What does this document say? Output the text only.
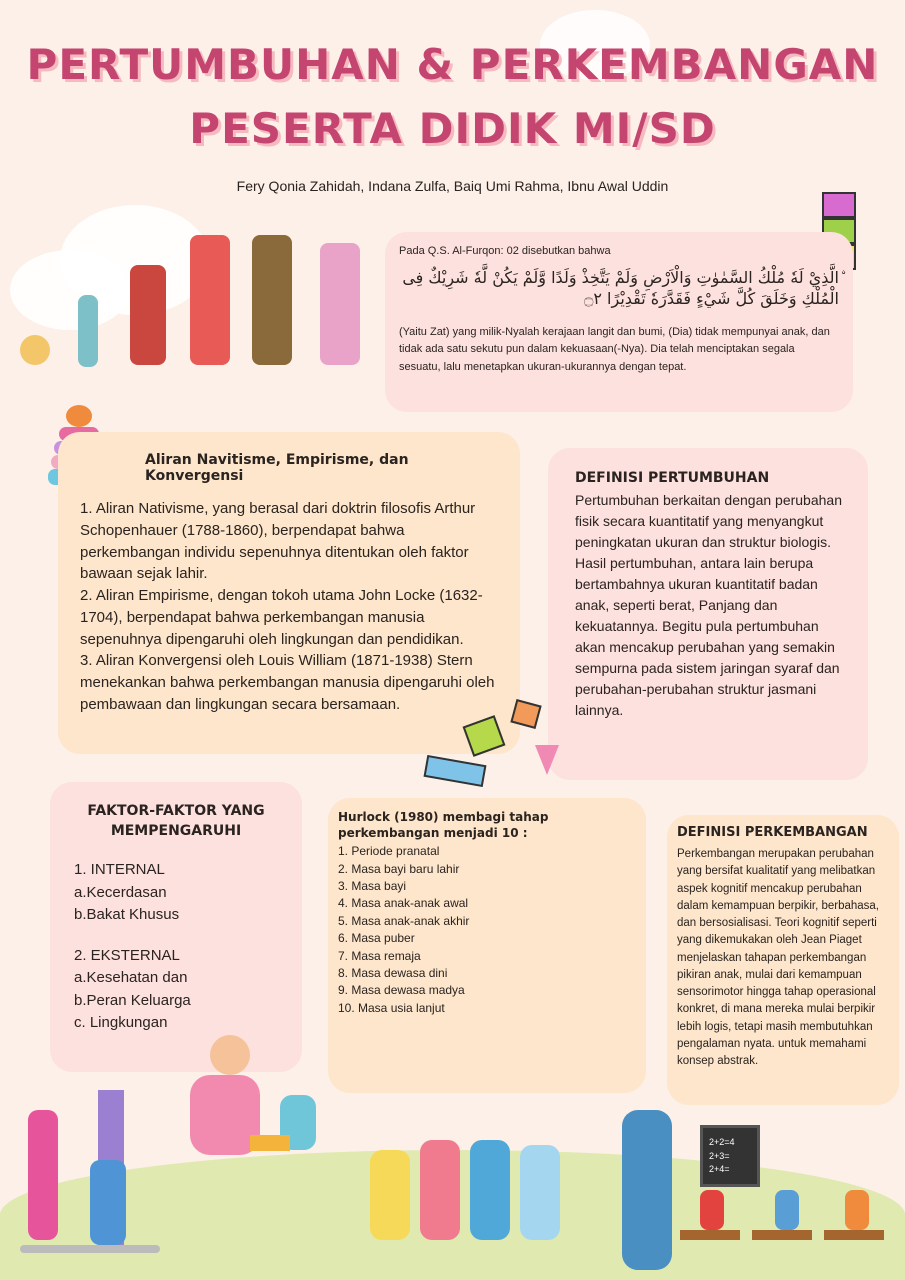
PERTUMBUHAN & PERKEMBANGAN
PESERTA DIDIK MI/SD
Fery Qonia Zahidah, Indana Zulfa, Baiq Umi Rahma, Ibnu Awal Uddin

Pada Q.S. Al-Furqon: 02 disebutkan bahwa

ۨالَّذِيْ لَهٗ مُلْكُ السَّمٰوٰتِ وَالْاَرْضِ وَلَمْ يَتَّخِذْ وَلَدًا وَّلَمْ يَكُنْ لَّهٗ شَرِيْكٌ فِى الْمُلْكِ وَخَلَقَ كُلَّ شَيْءٍ فَقَدَّرَهٗ تَقْدِيْرًا ۝٢

(Yaitu Zat) yang milik-Nyalah kerajaan langit dan bumi, (Dia) tidak mempunyai anak, dan tidak ada satu sekutu pun dalam kekuasaan(-Nya). Dia telah menciptakan segala sesuatu, lalu menetapkan ukuran-ukurannya dengan tepat.

Aliran Navitisme, Empirisme, dan Konvergensi
1. Aliran Nativisme, yang berasal dari doktrin filosofis Arthur Schopenhauer (1788-1860), berpendapat bahwa perkembangan individu sepenuhnya ditentukan oleh faktor bawaan sejak lahir.
2. Aliran Empirisme, dengan tokoh utama John Locke (1632-1704), berpendapat bahwa perkembangan manusia sepenuhnya dipengaruhi oleh lingkungan dan pendidikan.
3. Aliran Konvergensi oleh Louis William (1871-1938) Stern menekankan bahwa perkembangan manusia dipengaruhi oleh pembawaan dan lingkungan secara bersamaan.
DEFINISI PERTUMBUHAN

Pertumbuhan berkaitan dengan perubahan fisik secara kuantitatif yang menyangkut peningkatan ukuran dan struktur biologis. Hasil pertumbuhan, antara lain berupa bertambahnya ukuran kuantitatif badan anak, seperti berat, Panjang dan kekuatannya. Begitu pula pertumbuhan akan mencakup perubahan yang semakin sempurna pada sistem jaringan syaraf dan perubahan-perubahan struktur jasmani lainnya.

FAKTOR-FAKTOR YANG MEMPENGARUHI
1. INTERNAL
a.Kecerdasan
b.Bakat Khusus
2. EKSTERNAL
a.Kesehatan dan
b.Peran Keluarga
c. Lingkungan
Hurlock (1980) membagi tahap perkembangan menjadi 10 :
1. Periode pranatal
2. Masa bayi baru lahir
3. Masa bayi
4. Masa anak-anak awal
5. Masa anak-anak akhir
6. Masa puber
7. Masa remaja
8. Masa dewasa dini
9. Masa dewasa madya
10. Masa usia lanjut
DEFINISI PERKEMBANGAN

Perkembangan merupakan perubahan yang bersifat kualitatif yang melibatkan aspek kognitif mencakup perubahan dalam kemampuan berpikir, berbahasa, dan bersosialisasi. Teori kognitif seperti yang dikemukakan oleh Jean Piaget menjelaskan tahapan perkembangan pikiran anak, mulai dari kemampuan sensorimotor hingga tahap operasional konkret, di mana mereka mulai berpikir lebih logis, tetapi masih membutuhkan pengalaman nyata. untuk memahami konsep abstrak.

2+2=4
2+3=
2+4=
